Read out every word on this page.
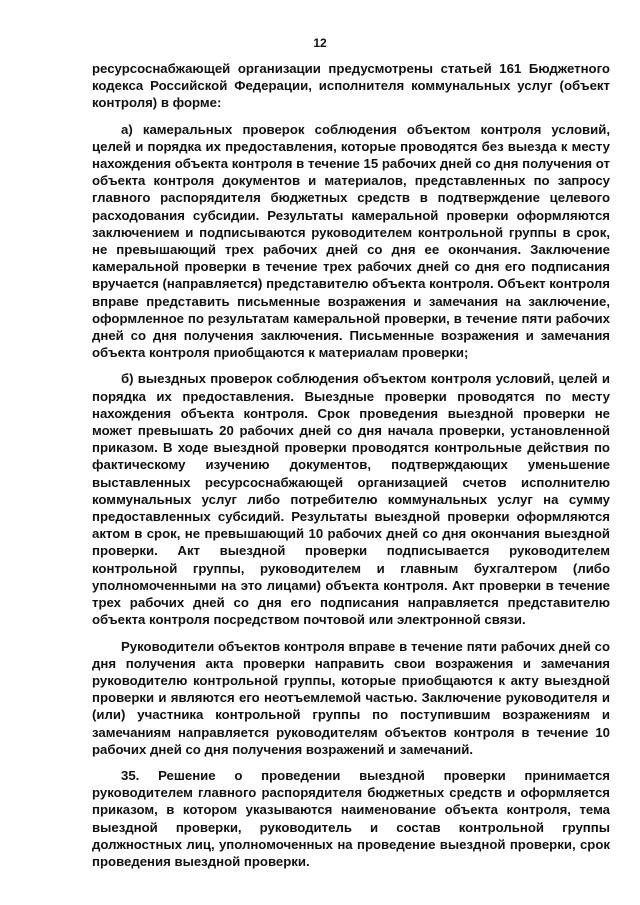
12

ресурсоснабжающей организации предусмотрены статьей 161 Бюджетного кодекса Российской Федерации, исполнителя коммунальных услуг (объект контроля) в форме:

а) камеральных проверок соблюдения объектом контроля условий, целей и порядка их предоставления, которые проводятся без выезда к месту нахождения объекта контроля в течение 15 рабочих дней со дня получения от объекта контроля документов и материалов, представленных по запросу главного распорядителя бюджетных средств в подтверждение целевого расходования субсидии. Результаты камеральной проверки оформляются заключением и подписываются руководителем контрольной группы в срок, не превышающий трех рабочих дней со дня ее окончания. Заключение камеральной проверки в течение трех рабочих дней со дня его подписания вручается (направляется) представителю объекта контроля. Объект контроля вправе представить письменные возражения и замечания на заключение, оформленное по результатам камеральной проверки, в течение пяти рабочих дней со дня получения заключения. Письменные возражения и замечания объекта контроля приобщаются к материалам проверки;

б) выездных проверок соблюдения объектом контроля условий, целей и порядка их предоставления. Выездные проверки проводятся по месту нахождения объекта контроля. Срок проведения выездной проверки не может превышать 20 рабочих дней со дня начала проверки, установленной приказом. В ходе выездной проверки проводятся контрольные действия по фактическому изучению документов, подтверждающих уменьшение выставленных ресурсоснабжающей организацией счетов исполнителю коммунальных услуг либо потребителю коммунальных услуг на сумму предоставленных субсидий. Результаты выездной проверки оформляются актом в срок, не превышающий 10 рабочих дней со дня окончания выездной проверки. Акт выездной проверки подписывается руководителем контрольной группы, руководителем и главным бухгалтером (либо уполномоченными на это лицами) объекта контроля. Акт проверки в течение трех рабочих дней со дня его подписания направляется представителю объекта контроля посредством почтовой или электронной связи.

Руководители объектов контроля вправе в течение пяти рабочих дней со дня получения акта проверки направить свои возражения и замечания руководителю контрольной группы, которые приобщаются к акту выездной проверки и являются его неотъемлемой частью. Заключение руководителя и (или) участника контрольной группы по поступившим возражениям и замечаниям направляется руководителям объектов контроля в течение 10 рабочих дней со дня получения возражений и замечаний.

35. Решение о проведении выездной проверки принимается руководителем главного распорядителя бюджетных средств и оформляется приказом, в котором указываются наименование объекта контроля, тема выездной проверки, руководитель и состав контрольной группы должностных лиц, уполномоченных на проведение выездной проверки, срок проведения выездной проверки.
